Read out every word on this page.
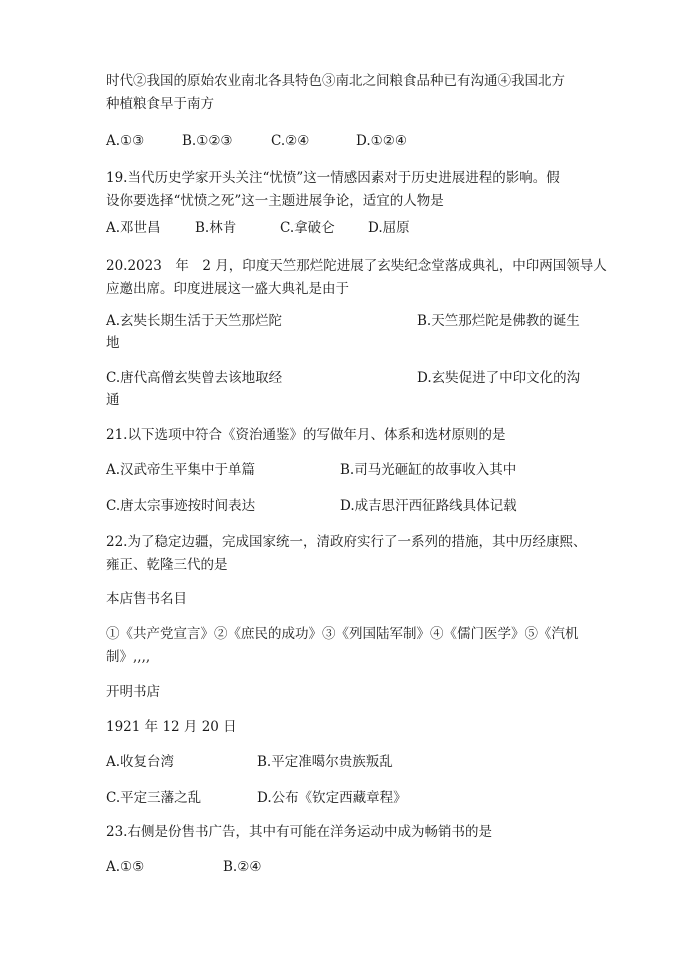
时代②我国的原始农业南北各具特色③南北之间粮食品种已有沟通④我国北方
种植粮食早于南方
A.①③	B.①②③	C.②④	D.①②④
19.当代历史学家开头关注“忧愤”这一情感因素对于历史进展进程的影响。假
设你要选择“忧愤之死”这一主题进展争论，适宜的人物是
A.邓世昌	B.林肯	C.拿破仑 D.屈原
20.2023　年　2 月，印度天竺那烂陀进展了玄奘纪念堂落成典礼，中印两国领导人
应邀出席。印度进展这一盛大典礼是由于
A.玄奘长期生活于天竺那烂陀	B.天竺那烂陀是佛教的诞生
地
C.唐代高僧玄奘曾去该地取经	D.玄奘促进了中印文化的沟
通
21.以下选项中符合《资治通鉴》的写做年月、体系和选材原则的是
A.汉武帝生平集中于单篇	B.司马光砸缸的故事收入其中
C.唐太宗事迹按时间表达	D.成吉思汗西征路线具体记载
22.为了稳定边疆，完成国家统一，清政府实行了一系列的措施，其中历经康熙、
雍正、乾隆三代的是
本店售书名目
①《共产党宣言》②《庶民的成功》③《列国陆军制》④《儒门医学》⑤《汽机
制》,,,,
开明书店
1921 年 12 月 20 日
A.收复台湾	B.平定准噶尔贵族叛乱
C.平定三藩之乱	D.公布《钦定西藏章程》
23.右侧是份售书广告，其中有可能在洋务运动中成为畅销书的是
A.①⑤	B.②④
